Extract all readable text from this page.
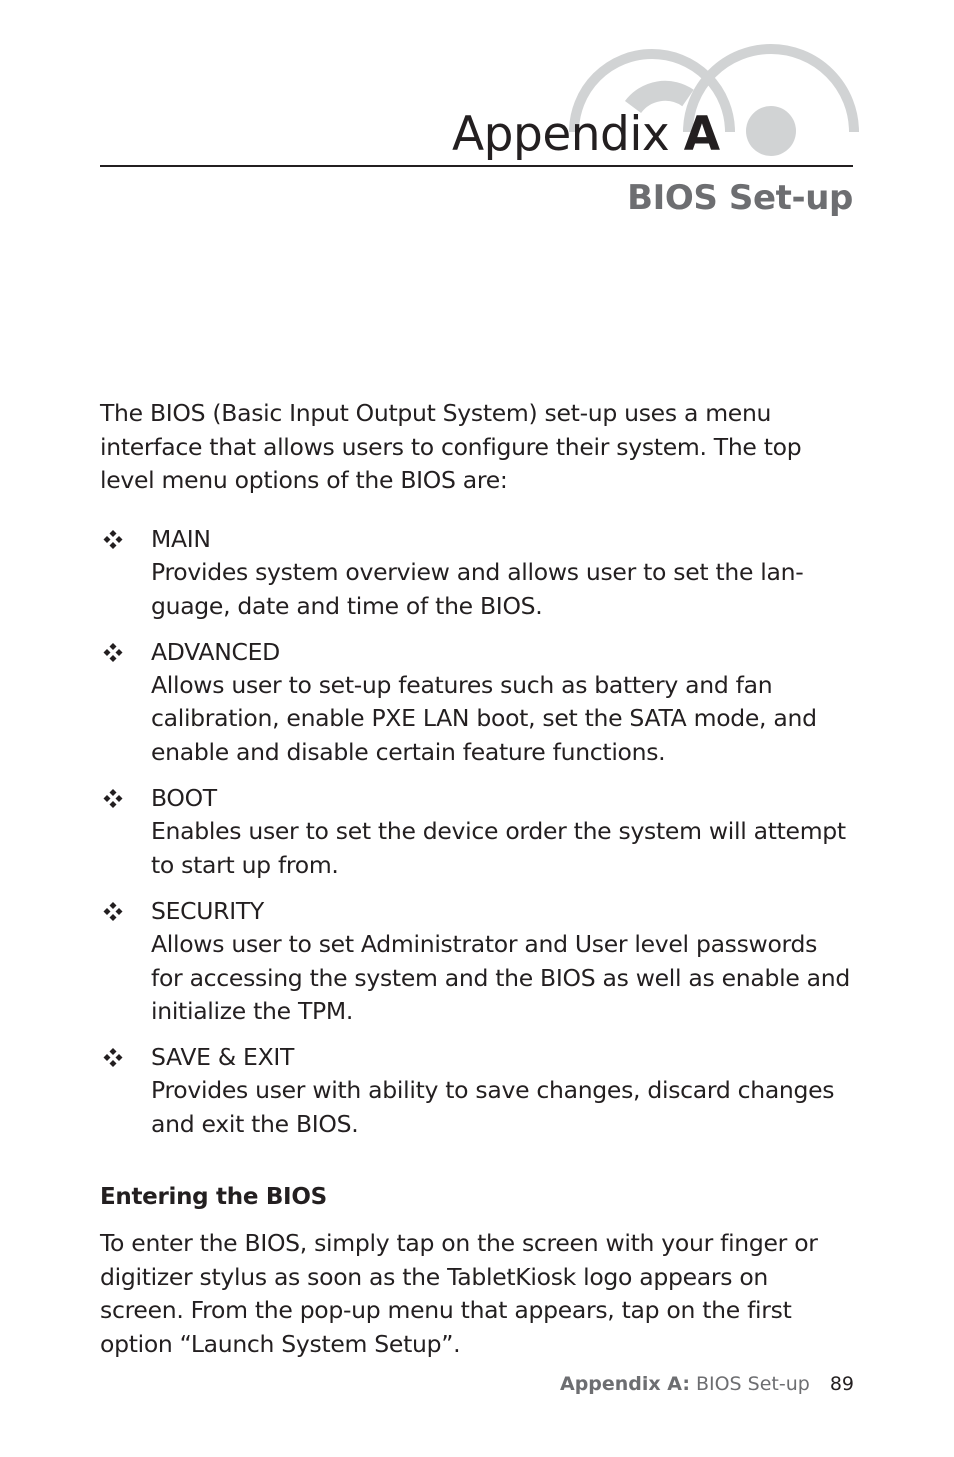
Appendix A
BIOS Set-up

The BIOS (Basic Input Output System) set-up uses a menu interface that allows users to configure their system. The top level menu options of the BIOS are:

MAIN
Provides system overview and allows user to set the lan-guage, date and time of the BIOS.
ADVANCED
Allows user to set-up features such as battery and fan calibration, enable PXE LAN boot, set the SATA mode, and enable and disable certain feature functions.
BOOT
Enables user to set the device order the system will attempt to start up from.
SECURITY
Allows user to set Administrator and User level passwords for accessing the system and the BIOS as well as enable and initialize the TPM.
SAVE & EXIT
Provides user with ability to save changes, discard changes and exit the BIOS.
Entering the BIOS

To enter the BIOS, simply tap on the screen with your finger or digitizer stylus as soon as the TabletKiosk logo appears on screen. From the pop-up menu that appears, tap on the first option “Launch System Setup”.

Appendix A: BIOS Set-up 89
